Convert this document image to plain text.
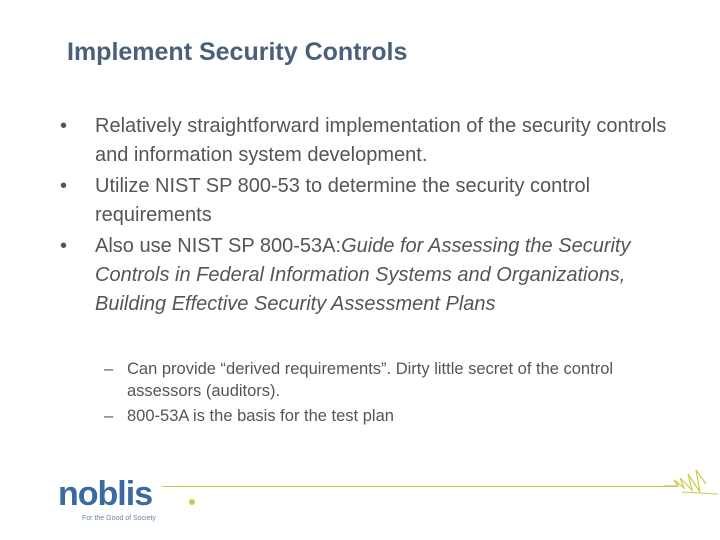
Implement Security Controls
• Relatively straightforward implementation of the security controls and information system development.
• Utilize NIST SP 800-53 to determine the security control requirements
• Also use NIST SP 800-53A:Guide for Assessing the Security Controls in Federal Information Systems and Organizations, Building Effective Security Assessment Plans
– Can provide “derived requirements”. Dirty little secret of the control assessors (auditors).
– 800-53A is the basis for the test plan
noblis
For the Good of Society
